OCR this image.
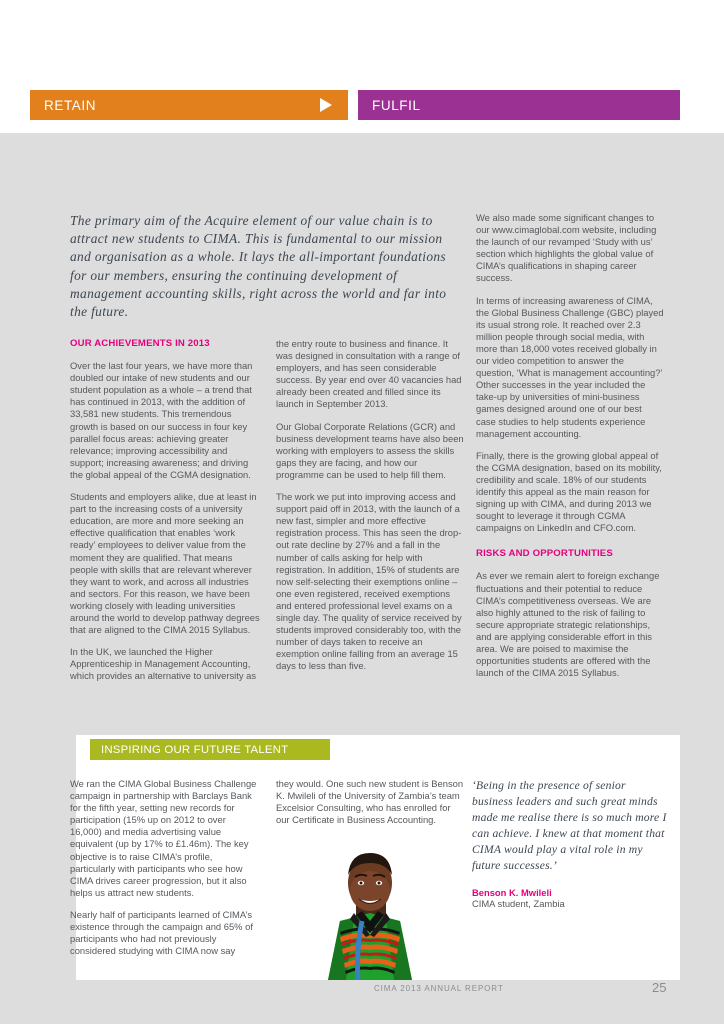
RETAIN	FULFIL
The primary aim of the Acquire element of our value chain is to attract new students to CIMA. This is fundamental to our mission and organisation as a whole. It lays the all-important foundations for our members, ensuring the continuing development of management accounting skills, right across the world and far into the future.

OUR ACHIEVEMENTS IN 2013

Over the last four years, we have more than doubled our intake of new students and our student population as a whole – a trend that has continued in 2013, with the addition of 33,581 new students. This tremendous growth is based on our success in four key parallel focus areas: achieving greater relevance; improving accessibility and support; increasing awareness; and driving the global appeal of the CGMA designation.

Students and employers alike, due at least in part to the increasing costs of a university education, are more and more seeking an effective qualification that enables ‘work ready’ employees to deliver value from the moment they are qualified. That means people with skills that are relevant wherever they want to work, and across all industries and sectors. For this reason, we have been working closely with leading universities around the world to develop pathway degrees that are aligned to the CIMA 2015 Syllabus.

In the UK, we launched the Higher Apprenticeship in Management Accounting, which provides an alternative to university as

the entry route to business and finance. It was designed in consultation with a range of employers, and has seen considerable success. By year end over 40 vacancies had already been created and filled since its launch in September 2013.

Our Global Corporate Relations (GCR) and business development teams have also been working with employers to assess the skills gaps they are facing, and how our programme can be used to help fill them.

The work we put into improving access and support paid off in 2013, with the launch of a new fast, simpler and more effective registration process. This has seen the drop-out rate decline by 27% and a fall in the number of calls asking for help with registration. In addition, 15% of students are now self-selecting their exemptions online – one even registered, received exemptions and entered professional level exams on a single day. The quality of service received by students improved considerably too, with the number of days taken to receive an exemption online falling from an average 15 days to less than five.

We also made some significant changes to our www.cimaglobal.com website, including the launch of our revamped ‘Study with us’ section which highlights the global value of CIMA’s qualifications in shaping career success.

In terms of increasing awareness of CIMA, the Global Business Challenge (GBC) played its usual strong role. It reached over 2.3 million people through social media, with more than 18,000 votes received globally in our video competition to answer the question, ‘What is management accounting?’ Other successes in the year included the take-up by universities of mini-business games designed around one of our best case studies to help students experience management accounting.

Finally, there is the growing global appeal of the CGMA designation, based on its mobility, credibility and scale. 18% of our students identify this appeal as the main reason for signing up with CIMA, and during 2013 we sought to leverage it through CGMA campaigns on LinkedIn and CFO.com.

RISKS AND OPPORTUNITIES

As ever we remain alert to foreign exchange fluctuations and their potential to reduce CIMA’s competitiveness overseas. We are also highly attuned to the risk of failing to secure appropriate strategic relationships, and are applying considerable effort in this area. We are poised to maximise the opportunities students are offered with the launch of the CIMA 2015 Syllabus.

INSPIRING OUR FUTURE TALENT

We ran the CIMA Global Business Challenge campaign in partnership with Barclays Bank for the fifth year, setting new records for participation (15% up on 2012 to over 16,000) and media advertising value equivalent (up by 17% to £1.46m). The key objective is to raise CIMA’s profile, particularly with participants who see how CIMA drives career progression, but it also helps us attract new students.

Nearly half of participants learned of CIMA’s existence through the campaign and 65% of participants who had not previously considered studying with CIMA now say

they would. One such new student is Benson K. Mwileli of the University of Zambia’s team Excelsior Consulting, who has enrolled for our Certificate in Business Accounting.

‘Being in the presence of senior business leaders and such great minds made me realise there is so much more I can achieve. I knew at that moment that CIMA would play a vital role in my future successes.’
Benson K. Mwileli
CIMA student, Zambia
CIMA 2013 ANNUAL REPORT	25
